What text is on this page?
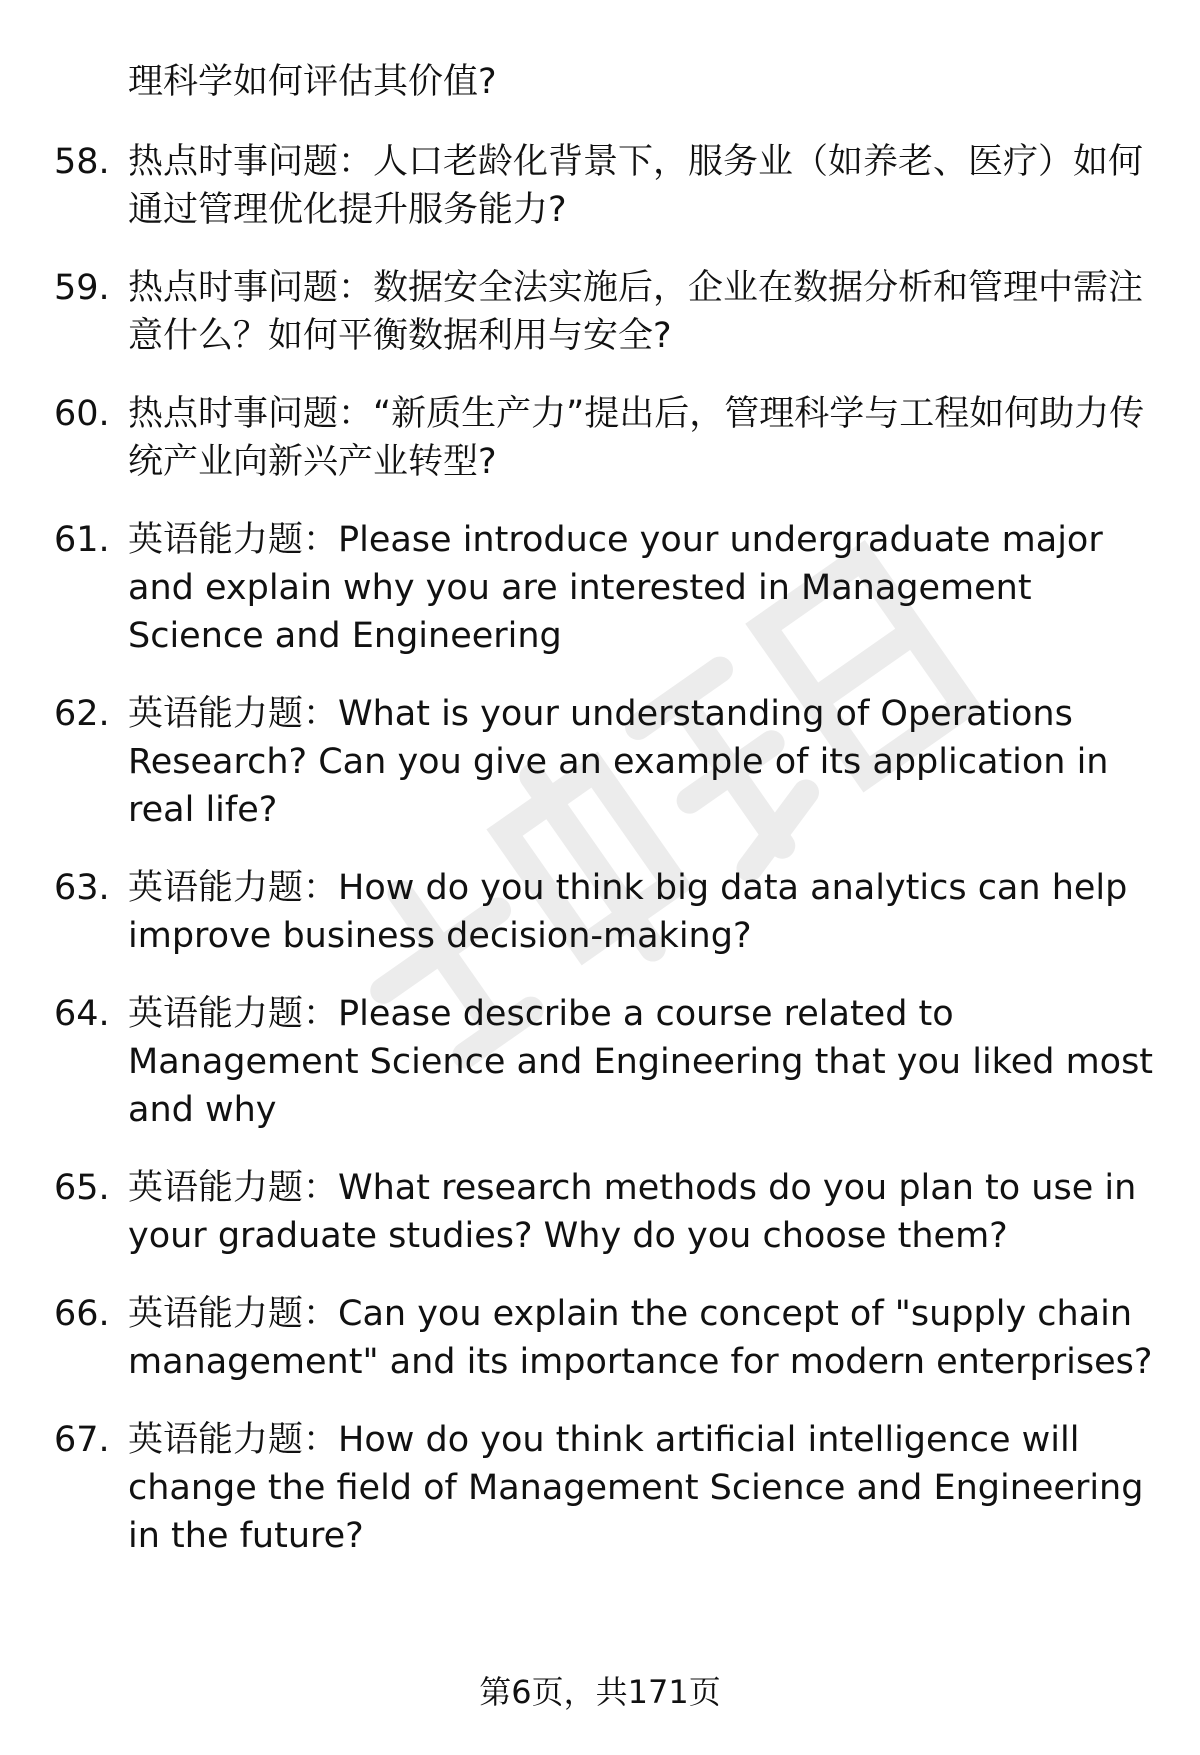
理科学如何评估其价值?

58. 热点时事问题：人口老龄化背景下，服务业（如养老、医疗）如何通过管理优化提升服务能力?

59. 热点时事问题：数据安全法实施后，企业在数据分析和管理中需注意什么？如何平衡数据利用与安全?

60. 热点时事问题：“新质生产力”提出后，管理科学与工程如何助力传统产业向新兴产业转型?

61. 英语能力题：Please introduce your undergraduate major and explain why you are interested in Management Science and Engineering

62. 英语能力题：What is your understanding of Operations Research? Can you give an example of its application in real life?

63. 英语能力题：How do you think big data analytics can help improve business decision-making?

64. 英语能力题：Please describe a course related to Management Science and Engineering that you liked most and why

65. 英语能力题：What research methods do you plan to use in your graduate studies? Why do you choose them?

66. 英语能力题：Can you explain the concept of "supply chain management" and its importance for modern enterprises?

67. 英语能力题：How do you think artificial intelligence will change the field of Management Science and Engineering in the future?

第6页，共171页
